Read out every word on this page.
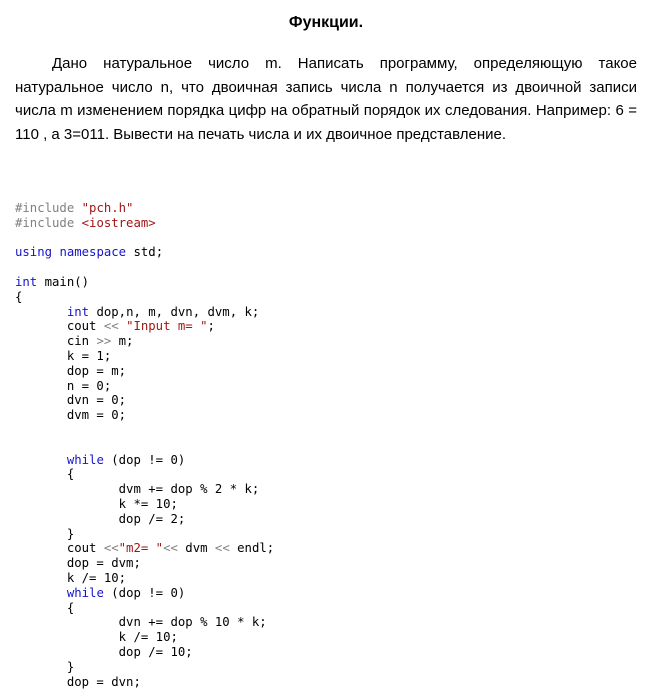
Функции.

Дано натуральное число m. Написать программу, определяющую такое натуральное число n, что двоичная запись числа n получается из двоичной записи числа m изменением порядка цифр на обратный порядок их следования. Например: 6 = 110 , а 3=011. Вывести на печать числа и их двоичное представление.

#include "pch.h"
#include <iostream>

using namespace std;

int main()
{
int dop,n, m, dvn, dvm, k;
cout << "Input m= ";
cin >> m;
k = 1;
dop = m;
n = 0;
dvn = 0;
dvm = 0;

while (dop != 0)
{
dvm += dop % 2 * k;
k *= 10;
dop /= 2;
}
cout <<"m2= "<< dvm << endl;
dop = dvm;
k /= 10;
while (dop != 0)
{
dvn += dop % 10 * k;
k /= 10;
dop /= 10;
}
dop = dvn;
